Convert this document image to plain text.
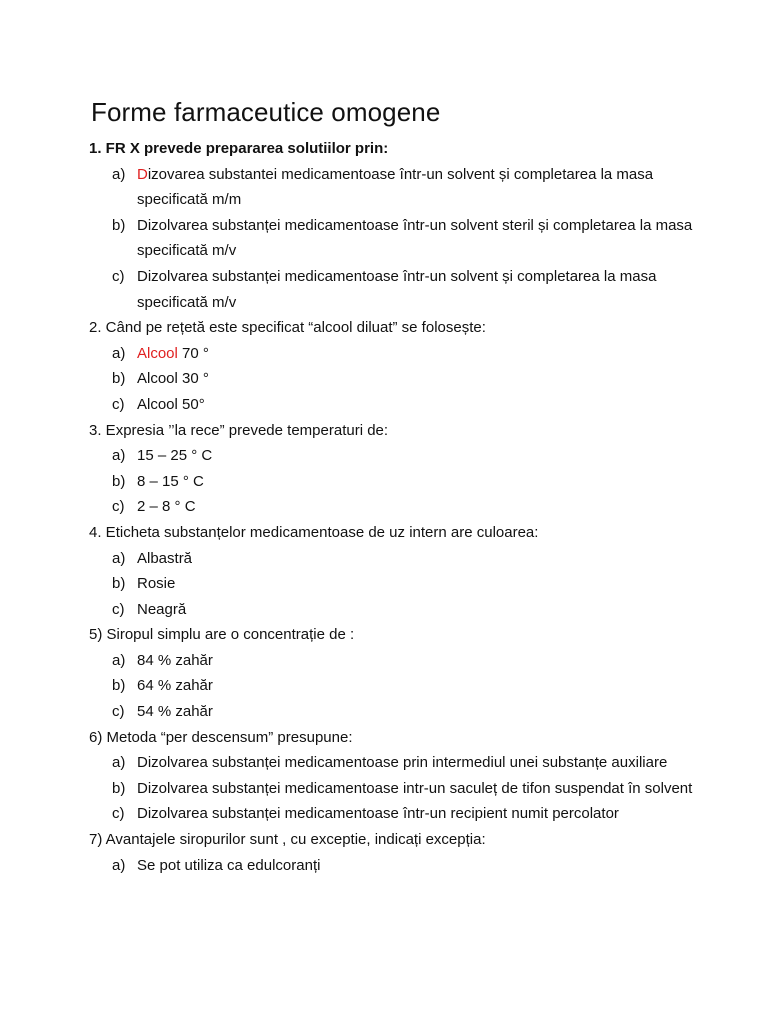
Forme farmaceutice omogene
1. FR X prevede prepararea solutiilor prin:
a) Dizovarea substantei medicamentoase într-un solvent și completarea la masa specificată m/m
b) Dizolvarea substanței medicamentoase într-un solvent steril și completarea la masa specificată m/v
c) Dizolvarea substanței medicamentoase într-un solvent și completarea la masa specificată m/v
2. Când pe rețetă este specificat “alcool diluat” se folosește:
a) Alcool 70 °
b) Alcool 30 °
c) Alcool 50°
3. Expresia ’’la rece” prevede temperaturi de:
a) 15 – 25 ° C
b) 8 – 15 ° C
c) 2 – 8 ° C
4. Eticheta substanțelor medicamentoase de uz intern are culoarea:
a) Albastră
b) Rosie
c) Neagră
5) Siropul simplu are o concentrație de :
a) 84 % zahăr
b) 64 % zahăr
c) 54 % zahăr
6) Metoda “per descensum” presupune:
a) Dizolvarea substanței medicamentoase prin intermediul unei substanțe auxiliare
b) Dizolvarea substanței medicamentoase intr-un saculeț de tifon suspendat în solvent
c) Dizolvarea substanței medicamentoase într-un recipient numit percolator
7) Avantajele siropurilor sunt , cu exceptie, indicați excepția:
a) Se pot utiliza ca edulcoranți
